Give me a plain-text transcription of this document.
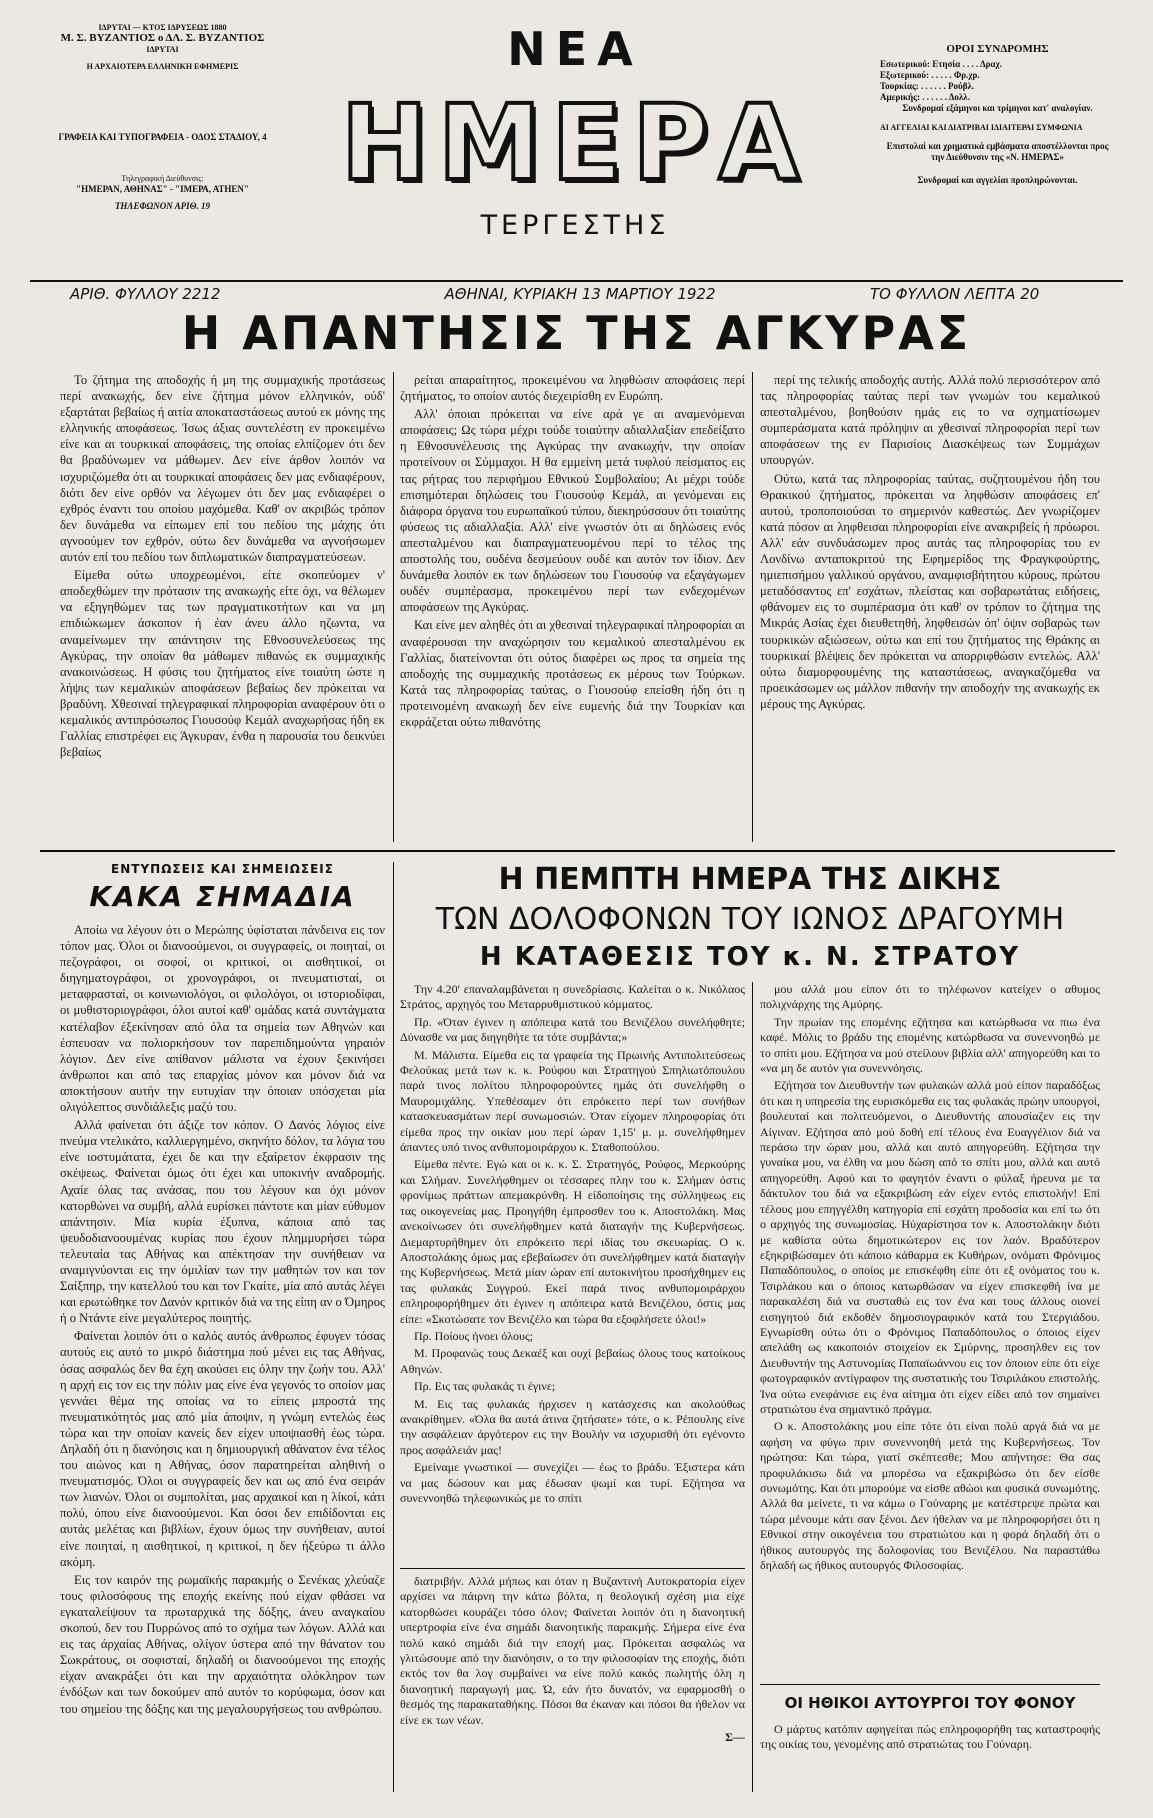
ΙΔΡΥΤΑΙ — ΚΤΟΣ ΙΔΡΥΣΕΩΣ 1880
Μ. Σ. ΒΥΖΑΝΤΙΟΣ ο ΔΛ. Σ. ΒΥΖΑΝΤΙΟΣ
ΙΔΡΥΤΑΙ
Η ΑΡΧΑΙΟΤΕΡΑ ΕΛΛΗΝΙΚΗ ΕΦΗΜΕΡΙΣ
ΓΡΑΦΕΙΑ ΚΑΙ ΤΥΠΟΓΡΑΦΕΙΑ - ΟΔΟΣ ΣΤΑΔΙΟΥ, 4
Τηλεγραφική Διεύθυνσις:
"ΗΜΕΡΑΝ, ΑΘΗΝΑΣ" - "ΙΜΕΡΑ, ΑΤΗΕΝ"
ΤΗΛΕΦΩΝΟΝ ΑΡΙΘ. 19
ΝΕΑ
ΗΜΕΡΑ
ΤΕΡΓΕΣΤΗΣ
ΟΡΟΙ ΣΥΝΔΡΟΜΗΣ
Εσωτερικού: Ετησία . . . . Δραχ.
Εξωτερικού: . . . . . Φρ.χρ.
Τουρκίας: . . . . . . Ρούβλ.
Αμερικής: . . . . . . Δολλ.
Συνδρομαί εξάμηνοι και τρίμηνοι κατ' αναλογίαν.
ΑΙ ΑΓΓΕΛΙΑΙ ΚΑΙ ΔΙΑΤΡΙΒΑΙ ΙΔΙΑΙΤΕΡΑΙ ΣΥΜΦΩΝΙΑ
Επιστολαί και χρηματικά εμβάσματα αποστέλλονται προς την Διεύθυνσιν της «Ν. ΗΜΕΡΑΣ»
Συνδρομαί και αγγελίαι προπληρώνονται.
ΑΡΙΘ. ΦΥΛΛΟΥ 2212	ΑΘΗΝΑΙ, ΚΥΡΙΑΚΗ 13 ΜΑΡΤΙΟΥ 1922	ΤΟ ΦΥΛΛΟΝ ΛΕΠΤΑ 20
Η ΑΠΑΝΤΗΣΙΣ ΤΗΣ ΑΓΚΥΡΑΣ

Το ζήτημα της αποδοχής ή μη της συμμαχικής προτάσεως περί ανακωχής, δεν είνε ζήτημα μόνον ελληνικόν, ούδ' εξαρτάται βεβαίως ή αιτία αποκαταστάσεως αυτού εκ μόνης της ελληνικής αποφάσεως. Ίσως άξιας συντελέστη εν προκειμένω είνε και αι τουρκικαί αποφάσεις, της οποίας ελπίζομεν ότι δεν θα βραδύνωμεν να μάθωμεν. Δεν είνε άρθον λοιπόν να ισχυριζώμεθα ότι αι τουρκικαί αποφάσεις δεν μας ενδιαφέρουν, διότι δεν είνε ορθόν να λέγωμεν ότι δεν μας ενδιαφέρει ο εχθρός έναντι του οποίου μαχόμεθα. Καθ' ον ακριβώς τρόπον δεν δυνάμεθα να είπωμεν επί του πεδίου της μάχης ότι αγνοούμεν τον εχθρόν, ούτω δεν δυνάμεθα να αγνοήσωμεν αυτόν επί του πεδίου των διπλωματικών διαπραγματεύσεων.

Είμεθα ούτω υποχρεωμένοι, είτε σκοπεύομεν ν' αποδεχθώμεν την πρότασιν της ανακωχής είτε όχι, να θέλωμεν να εξηγηθώμεν τας των πραγματικοτήτων και να μη επιδιώκωμεν άσκοπον ή έαν άνευ άλλο ηζωντα, να αναμείνωμεν την απάντησιν της Εθνοσυνελεύσεως της Αγκύρας, την οποίαν θα μάθωμεν πιθανώς εκ συμμαχικής ανακοινώσεως. Η φύσις του ζητήματος είνε τοιαύτη ώστε η λήψις των κεμαλικών αποφάσεων βεβαίως δεν πρόκειται να βραδύνη. Χθεσιναί τηλεγραφικαί πληροφορίαι αναφέρουν ότι ο κεμαλικός αντιπρόσωπος Γιουσούφ Κεμάλ αναχωρήσας ήδη εκ Γαλλίας επιστρέφει εις Άγκυραν, ένθα η παρουσία του δεικνύει βεβαίως

ρείται απαραίτητος, προκειμένου να ληφθώσιν αποφάσεις περί ζητήματος, το οποίον αυτός διεχειρίσθη εν Ευρώπη.

Αλλ' όποιαι πρόκειται να είνε αρά γε αι αναμενόμεναι αποφάσεις; Ως τώρα μέχρι τούδε τοιαύτην αδιαλλαξίαν επεδείξατο η Εθνοσυνέλευσις της Αγκύρας την ανακωχήν, την οποίαν προτείνουν οι Σύμμαχοι. Η θα εμμείνη μετά τυφλού πείσματος εις τας ρήτρας του περιφήμου Εθνικού Συμβολαίου; Αι μέχρι τούδε επισημότεραι δηλώσεις του Γιουσούφ Κεμάλ, αι γενόμεναι εις διάφορα όργανα του ευρωπαϊκού τύπου, διεκηρύσσουν ότι τοιαύτης φύσεως τις αδιαλλαξία. Αλλ' είνε γνωστόν ότι αι δηλώσεις ενός απεσταλμένου και διαπραγματευομένου περί το τέλος της αποστολής του, ουδένα δεσμεύουν ουδέ και αυτόν τον ίδιον. Δεν δυνάμεθα λοιπόν εκ των δηλώσεων του Γιουσούφ να εξαγάγωμεν ουδέν συμπέρασμα, προκειμένου περί των ενδεχομένων αποφάσεων της Αγκύρας.

Και είνε μεν αληθές ότι αι χθεσιναί τηλεγραφικαί πληροφορίαι αι αναφέρουσαι την αναχώρησιν του κεμαλικού απεσταλμένου εκ Γαλλίας, διατείνονται ότι ούτος διαφέρει ως προς τα σημεία της αποδοχής της συμμαχικής προτάσεως εκ μέρους των Τούρκων. Κατά τας πληροφορίας ταύτας, ο Γιουσούφ επείσθη ήδη ότι η προτεινομένη ανακωχή δεν είνε ευμενής διά την Τουρκίαν και εκφράζεται ούτω πιθανότης

περί της τελικής αποδοχής αυτής. Αλλά πολύ περισσότερον από τας πληροφορίας ταύτας περί των γνωμών του κεμαλικού απεσταλμένου, βοηθούσιν ημάς εις το να σχηματίσωμεν συμπεράσματα κατά πρόληψιν αι χθεσιναί πληροφορίαι περί των αποφάσεων της εν Παρισίοις Διασκέψεως των Συμμάχων υπουργών.

Ούτω, κατά τας πληροφορίας ταύτας, συζητουμένου ήδη του Θρακικού ζητήματος, πρόκειται να ληφθώσιν αποφάσεις επ' αυτού, τροποποιούσαι το σημερινόν καθεστώς. Δεν γνωρίζομεν κατά πόσον αι ληφθεισαι πληροφορίαι είνε ανακριβείς ή πρόωροι. Αλλ' εάν συνδυάσωμεν προς αυτάς τας πληροφορίας του εν Λονδίνω ανταποκριτού της Εφημερίδος της Φραγκφούρτης, ημιεπισήμου γαλλικού οργάνου, αναμφισβήτητου κύρους, πρώτου μεταδόσαντος επ' εσχάτων, πλείστας και σοβαρωτάτας ειδήσεις, φθάνομεν εις το συμπέρασμα ότι καθ' ον τρόπον το ζήτημα της Μικράς Ασίας έχει διευθετηθή, ληφθεισών όπ' όψιν σοβαρώς των τουρκικών αξιώσεων, ούτω και επί του ζητήματος της Θράκης αι τουρκικαί βλέψεις δεν πρόκειται να απορριφθώσιν εντελώς. Αλλ' ούτω διαμορφουμένης της καταστάσεως, αναγκαζόμεθα να προεικάσωμεν ως μάλλον πιθανήν την αποδοχήν της ανακωχής εκ μέρους της Αγκύρας.

ΕΝΤΥΠΩΣΕΙΣ ΚΑΙ ΣΗΜΕΙΩΣΕΙΣ
ΚΑΚΑ ΣΗΜΑΔΙΑ

Αποίω να λέγουν ότι ο Μερώπης ύφίσταται πάνδεινα εις τον τόπον μας. Όλοι οι διανοούμενοι, οι συγγραφείς, οι ποιηταί, οι πεζογράφοι, οι σοφοί, οι κριτικοί, οι αισθητικοί, οι διηγηματογράφοι, οι χρονογράφοι, οι πνευματισταί, οι μεταφρασταί, οι κοινωνιολόγοι, οι φιλολόγοι, οι ιστοριοδίφαι, οι μυθιστοριογράφοι, όλοι αυτοί καθ' ομάδας κατά συντάγματα κατέλαβον έξεκίνησαν από όλα τα σημεία των Αθηνών και έσπευσαν να πολιορκήσουν τον παρεπιδημούντα γηραιόν λόγιον. Δεν είνε απίθανον μάλιστα να έχουν ξεκινήσει άνθρωποι και από τας επαρχίας μόνον και μόνον διά να αποκτήσουν αυτήν την ευτυχίαν την όποιαν υπόσχεται μία ολιγόλεπτος συνδιάλεξις μαζύ του.

Αλλά φαίνεται ότι άξιζε τον κόπον. Ο Δανός λόγιος είνε πνεύμα ντελικάτο, καλλιεργημένο, σκηνήτο δόλον, τα λόγια του είνε ιοστυμάτατα, έχει δε και την εξαίρετον έκφρασιν της σκέψεως. Φαίνεται όμως ότι έχει και υποκινήν αναδρομής. Αχαίε όλας τας ανάσας, που του λέγουν και όχι μόνον κατορθώνει να συμβή, αλλά ευρίσκει πάντοτε και μίαν εύθυμον απάντησιν. Μία κυρία έξυπνα, κάποια από τας ψευδοδιανοουμένας κυρίας που έχουν πλημμυρήσει τώρα τελευταία τας Αθήνας και απέκτησαν την συνήθειαν να αναμιγνύονται εις την όμιλίαν των την μαθητών τον και τον Σαίξπηρ, την κατελλού του και τον Γκαίτε, μία από αυτάς λέγει και ερωτώθηκε τον Δανόν κριτικόν διά να της είπη αν ο Όμηρος ή ο Ντάντε είνε μεγαλύτερος ποιητής.

Φαίνεται λοιπόν ότι ο καλός αυτός άνθρωπος έφυγεν τόσας αυτούς εις αυτό το μικρό διάστημα πού μένει εις τας Αθήνας, όσας ασφαλώς δεν θα έχη ακούσει εις όλην την ζωήν του. Αλλ' η αρχή εις τον εις την πόλιν μας είνε ένα γεγονός το οποίον μας γεννάει θέμα της οποίας να το είπεις μπροστά της πνευματικότητός μας από μία άποψιν, η γνώμη εντελώς έως τώρα και την οποίαν κανείς δεν είχεν υποψιασθή έως τώρα. Δηλαδή ότι η διανόησις και η δημιουργική αθάνατον ένα τέλος του αιώνος και η Αθήνας, όσον παρατηρείται αληθινή ο πνευματισμός. Όλοι οι συγγραφείς δεν και ως από ένα σειράν των λιανών. Όλοι οι συμπολίται, μας αρχαικοί και η λίκοί, κάτι πολύ, όπου είνε διανοούμενοι. Και όσοι δεν επιδίδονται εις αυτάς μελέτας και βιβλίων, έχουν όμως την συνήθειαν, αυτοί είνε ποιηταί, η αισθητικοί, η κριτικοί, η δεν ήξεύρω τι άλλο ακόμη.

Εις τον καιρόν της ρωμαϊκής παρακμής ο Σενέκας χλεύαζε τους φιλοσόφους της εποχής εκείνης πού είχαν φθάσει να εγκαταλείψουν τα πρωταρχικά της δόξης, άνευ αναγκαίου σκοπού, δεν του Πυρρώνος από το σχήμα των λόγων. Αλλά και εις τας άρχαίας Αθήνας, ολίγον ύστερα από την θάνατον του Σωκράτους, οι σοφισταί, δηλαδή οι διανοούμενοι της εποχής είχαν ανακράξει ότι και την αρχαιότητα ολόκληρον των ένδόξων και των δοκούμεν από αυτόν το κορύφωμα, όσον και του σημείου της δόξης και της μεγαλουργήσεως του ανθρώπου.

Η ΠΕΜΠΤΗ ΗΜΕΡΑ ΤΗΣ ΔΙΚΗΣ
ΤΩΝ ΔΟΛΟΦΟΝΩΝ ΤΟΥ ΙΩΝΟΣ ΔΡΑΓΟΥΜΗ
Η ΚΑΤΑΘΕΣΙΣ ΤΟΥ κ. Ν. ΣΤΡΑΤΟΥ

Την 4.20' επαναλαμβάνεται η συνεδρίασις. Καλείται ο κ. Νικόλαος Στράτος, αρχηγός του Μεταρρυθμιστικού κόμματος.

Πρ. «Όταν έγινεν η απόπειρα κατά του Βενιζέλου συνελήφθητε; Δύνασθε να μας διηγηθήτε τα τότε συμβάντα;»

Μ. Μάλιστα. Είμεθα εις τα γραφεία της Πρωινής Αντιπολιτεύσεως Φελούκας μετά των κ. κ. Ρούφου και Στρατηγού Σπηλιωτόπουλου παρά τινος πολίτου πληροφορούντες ημάς ότι συνελήφθη ο Μαυρομιχάλης. Υπεθέσαμεν ότι επρόκειτο περί των συνήθων κατασκευασμάτων περί συνωμοσιών. Όταν είχομεν πληροφορίας ότι είμεθα προς την οικίαν μου περί ώραν 1,15' μ. μ. συνελήφθημεν άπαντες υπό τινος ανθυπομοιράρχου κ. Σταθοπούλου.

Είμεθα πέντε. Εγώ και οι κ. κ. Σ. Στρατηγός, Ρούφος, Μερκούρης και Σλήμαν. Συνελήφθημεν οι τέσσαρες πλην του κ. Σλήμαν όστις φρονίμως πράττων απεμακρύνθη. Η είδοποίησις της σύλληψεως εις τας οικογενείας μας. Προηγήθη έμπροσθεν του κ. Αποστολάκη. Μας ανεκοίνωσεν ότι συνελήφθημεν κατά διαταγήν της Κυβερνήσεως. Διεμαρτυρήθημεν ότι επρόκειτο περί ιδίας του σκευωρίας. Ο κ. Αποστολάκης όμως μας εβεβαίωσεν ότι συνελήφθημεν κατά διαταγήν της Κυβερνήσεως. Μετά μίαν ώραν επί αυτοκινήτου προσήχθημεν εις τας φυλακάς Συγγρού. Εκεί παρά τινος ανθυπομοιράρχου επληροφορήθημεν ότι έγινεν η απόπειρα κατά Βενιζέλου, όστις μας είπε: «Σκοτώσατε τον Βενιζέλο και τώρα θα εξοφλήσετε όλοι!»

Πρ. Ποίους ήνοει όλους;

Μ. Προφανώς τους Δεκαέξ και ουχί βεβαίως όλους τους κατοίκους Αθηνών.

Πρ. Εις τας φυλακάς τι έγινε;

Μ. Εις τας φυλακάς ήρχισεν η κατάσχεσις και ακολούθως ανακρίθημεν. «Όλα θα αυτά άτινα ζητήσατε» τότε, ο κ. Ρέπουλης είνε την ασφάλειαν άργότερον εις την Βουλήν να ισχυρισθή ότι εγένοντο προς ασφάλειάν μας!

Εμείναμε γνωστικοί — συνεχίζει — έως το βράδυ. Έξιστερα κάτι να μας δώσουν και μας έδωσαν ψωμί και τυρί. Εζήτησα να συνεννοηθώ τηλεφωνικώς με το σπίτι

μου αλλά μου είπον ότι το τηλέφωνον κατείχεν ο αθυμος πολιχνάρχης της Αμύρης.

Την πρωίαν της επομένης εζήτησα και κατώρθωσα να πιω ένα καφέ. Μόλις το βράδυ της επομένης κατώρθωσα να συνεννοηθώ με το σπίτι μου. Εζήτησα να μού στείλουν βιβλία αλλ' απηγορεύθη και το «να μη δε αυτόν για συνεννόησις.

Εζήτησα τον Διευθυντήν των φυλακών αλλά μού είπον παραδόξως ότι και η υπηρεσία της ευρισκόμεθα εις τας φυλακάς πρώην υπουργοί, βουλευταί και πολιτευόμενοι, ο Διευθυντής απουσίαζεν εις την Αίγιναν. Εζήτησα από μού δοθή επί τέλους ένα Ευαγγέλιον διά να περάσω την ώραν μου, αλλά και αυτό απηγορεύθη. Εζήτησα την γυναίκα μου, να έλθη να μου δώση από το σπίτι μου, αλλά και αυτό απηγορεύθη. Αφού και το φαγητόν έναντι ο φύλαξ ήρευνα με τα δάκτυλον του διά να εξακριβώση εάν είχεν εντός επιστολήν! Επί τέλους μου επηγγέλθη κατηγορία επί εσχάτη προδοσία και επί τω ότι ο αρχηγός της συνωμοσίας. Ηύχαρίστησα τον κ. Αποστολάκην διότι με καθίστα ούτω δημοτικώτερον εις τον λαόν. Βραδύτερον εξηκριβώσαμεν ότι κάποιο κάθαρμα εκ Κυθήρων, ονόματι Φρόνιμος Παπαδόπουλος, ο οποίος με επισκέφθη είπε ότι εξ ονόματος του κ. Τσιρλάκου και ο όποιος κατωρθώσαν να είχεν επισκεφθή ίνα με παρακαλέση διά να συσταθώ εις τον ένα και τους άλλους οιονεί εισηγητού διά εκδοθέν δημοσιογραφικόν κατά του Στεργιάδου. Εγνωρίσθη ούτω ότι ο Φρόνιμος Παπαδόπουλος ο όποιος είχεν απελάθη ως κακοποιόν στοιχείον εκ Σμύρνης, προσηλθεν εις τον Διευθυντήν της Αστυνομίας Παπαϊωάννου εις τον όποιον είπε ότι είχε φωτογραφικόν αντίγραφον της συστατικής του Τσιριλάκου επιστολής. Ίνα ούτω ενεφάνισε εις ένα αίτημα ότι είχεν είδει από τον σημαίνει στρατιώτου ένα σημαντικό πράγμα.

Ο κ. Αποστολάκης μου είπε τότε ότι είναι πολύ αργά διά να με αφήση να φύγω πριν συνεννοηθή μετά της Κυβερνήσεως. Τον ηρώτησα: Και τώρα, γιατί σκέπτεσθε; Μου απήντησε: Θα σας προφυλάκισω διά να μπορέσω να εξακριβώσω ότι δεν είσθε συνωμότης. Και ότι μπορούμε να είσθε αθώοι και φυσικά συνωμότης. Αλλά θα μείνετε, τι να κάμω ο Γούναρης με κατέστρεψε πρώτα και τώρα μένουμε κάτι σαν ξένοι. Δεν ήθελαν να με πληροφορήσει ότι η Εθνικοί στην οικογένεια του στρατιώτου και η φορά δηλαδή ότι ο ήθικος αυτουργός της δολοφονίας του Βενιζέλου. Να παραστάθω δηλαδή ως ήθικος αυτουργός Φιλοσοφίας.

διατριβήν. Αλλά μήπως και όταν η Βυζαντινή Αυτοκρατορία είχεν αρχίσει να πάιρνη την κάτω βόλτα, η θεολογική σχέση μια είχε κατορθώσει κουράζει τόσο όλον; Φαίνεται λοιπόν ότι η διανοητική υπερτροφία είνε ένα σημάδι διανοητικής παρακμής. Σήμερα είνε ένα πολύ κακό σημάδι διά την εποχή μας. Πρόκειται ασφαλώς να γλιτώσουμε από την διανόησιν, ο το την φιλοσοφίαν της εποχής, διότι εκτός τον θα λογ συμβαίνει να είνε πολύ κακός πωλητής όλη η διανοητική παραγωγή μας. Ώ, εάν ήτο δυνατόν, να εφαρμοσθή ο θεσμός της παρακαταθήκης. Πόσοι θα έκαναν και πόσοι θα ήθελον να είνε εκ των νέων.

Σ—

ΟΙ ΗΘΙΚΟΙ ΑΥΤΟΥΡΓΟΙ ΤΟΥ ΦΟΝΟΥ

Ο μάρτυς κατόπιν αφηγείται πώς επληροφορήθη τας καταστροφής της οικίας του, γενομένης από στρατιώτας του Γούναρη.
